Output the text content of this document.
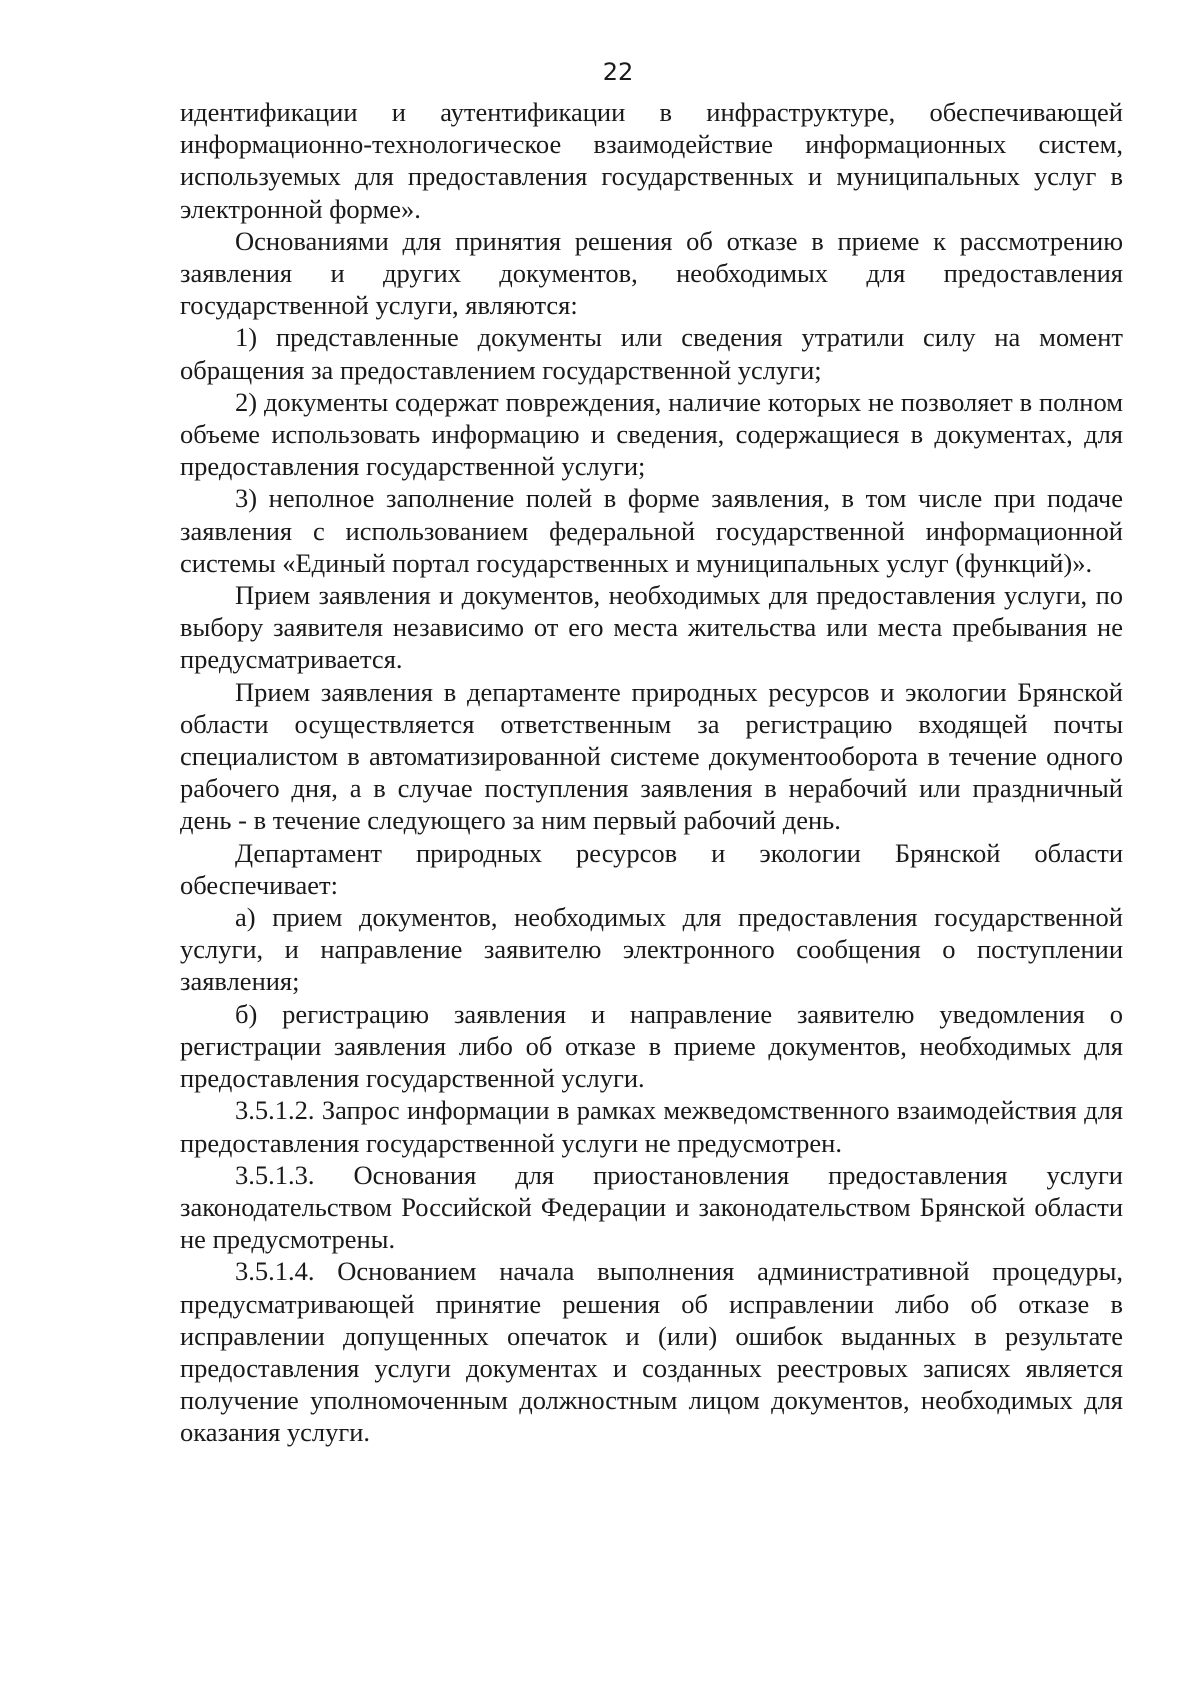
22

идентификации и аутентификации в инфраструктуре, обеспечивающей информационно-технологическое взаимодействие информационных систем, используемых для предоставления государственных и муниципальных услуг в электронной форме».

Основаниями для принятия решения об отказе в приеме к рассмотрению заявления и других документов, необходимых для предоставления государственной услуги, являются:

1) представленные документы или сведения утратили силу на момент обращения за предоставлением государственной услуги;

2) документы содержат повреждения, наличие которых не позволяет в полном объеме использовать информацию и сведения, содержащиеся в документах, для предоставления государственной услуги;

3) неполное заполнение полей в форме заявления, в том числе при подаче заявления с использованием федеральной государственной информационной системы «Единый портал государственных и муниципальных услуг (функций)».

Прием заявления и документов, необходимых для предоставления услуги, по выбору заявителя независимо от его места жительства или места пребывания не предусматривается.

Прием заявления в департаменте природных ресурсов и экологии Брянской области осуществляется ответственным за регистрацию входящей почты специалистом в автоматизированной системе документооборота в течение одного рабочего дня, а в случае поступления заявления в нерабочий или праздничный день - в течение следующего за ним первый рабочий день.

Департамент природных ресурсов и экологии Брянской области обеспечивает:

а) прием документов, необходимых для предоставления государственной услуги, и направление заявителю электронного сообщения о поступлении заявления;

б) регистрацию заявления и направление заявителю уведомления о регистрации заявления либо об отказе в приеме документов, необходимых для предоставления государственной услуги.

3.5.1.2. Запрос информации в рамках межведомственного взаимодействия для предоставления государственной услуги не предусмотрен.

3.5.1.3. Основания для приостановления предоставления услуги законодательством Российской Федерации и законодательством Брянской области не предусмотрены.

3.5.1.4. Основанием начала выполнения административной процедуры, предусматривающей принятие решения об исправлении либо об отказе в исправлении допущенных опечаток и (или) ошибок выданных в результате предоставления услуги документах и созданных реестровых записях является получение уполномоченным должностным лицом документов, необходимых для оказания услуги.
